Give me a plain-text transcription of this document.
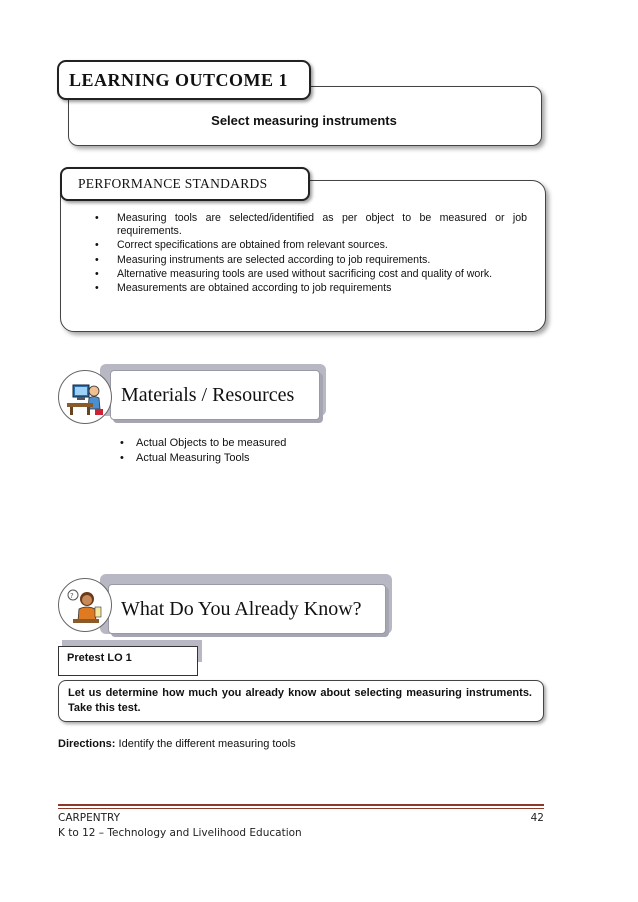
Select measuring instruments
LEARNING OUTCOME 1
PERFORMANCE STANDARDS
• Measuring tools are selected/identified as per object to be measured or job requirements.
• Correct specifications are obtained from relevant sources.
• Measuring instruments are selected according to job requirements.
• Alternative measuring tools are used without sacrificing cost and quality of work.
• Measurements are obtained according to job requirements
Materials / Resources
• Actual Objects to be measured
• Actual Measuring Tools
What Do You Already Know?
?
Pretest LO 1
Let us determine how much you already know about selecting measuring instruments. Take this test.
Directions: Identify the different measuring tools
CARPENTRY	42
K to 12 – Technology and Livelihood Education
